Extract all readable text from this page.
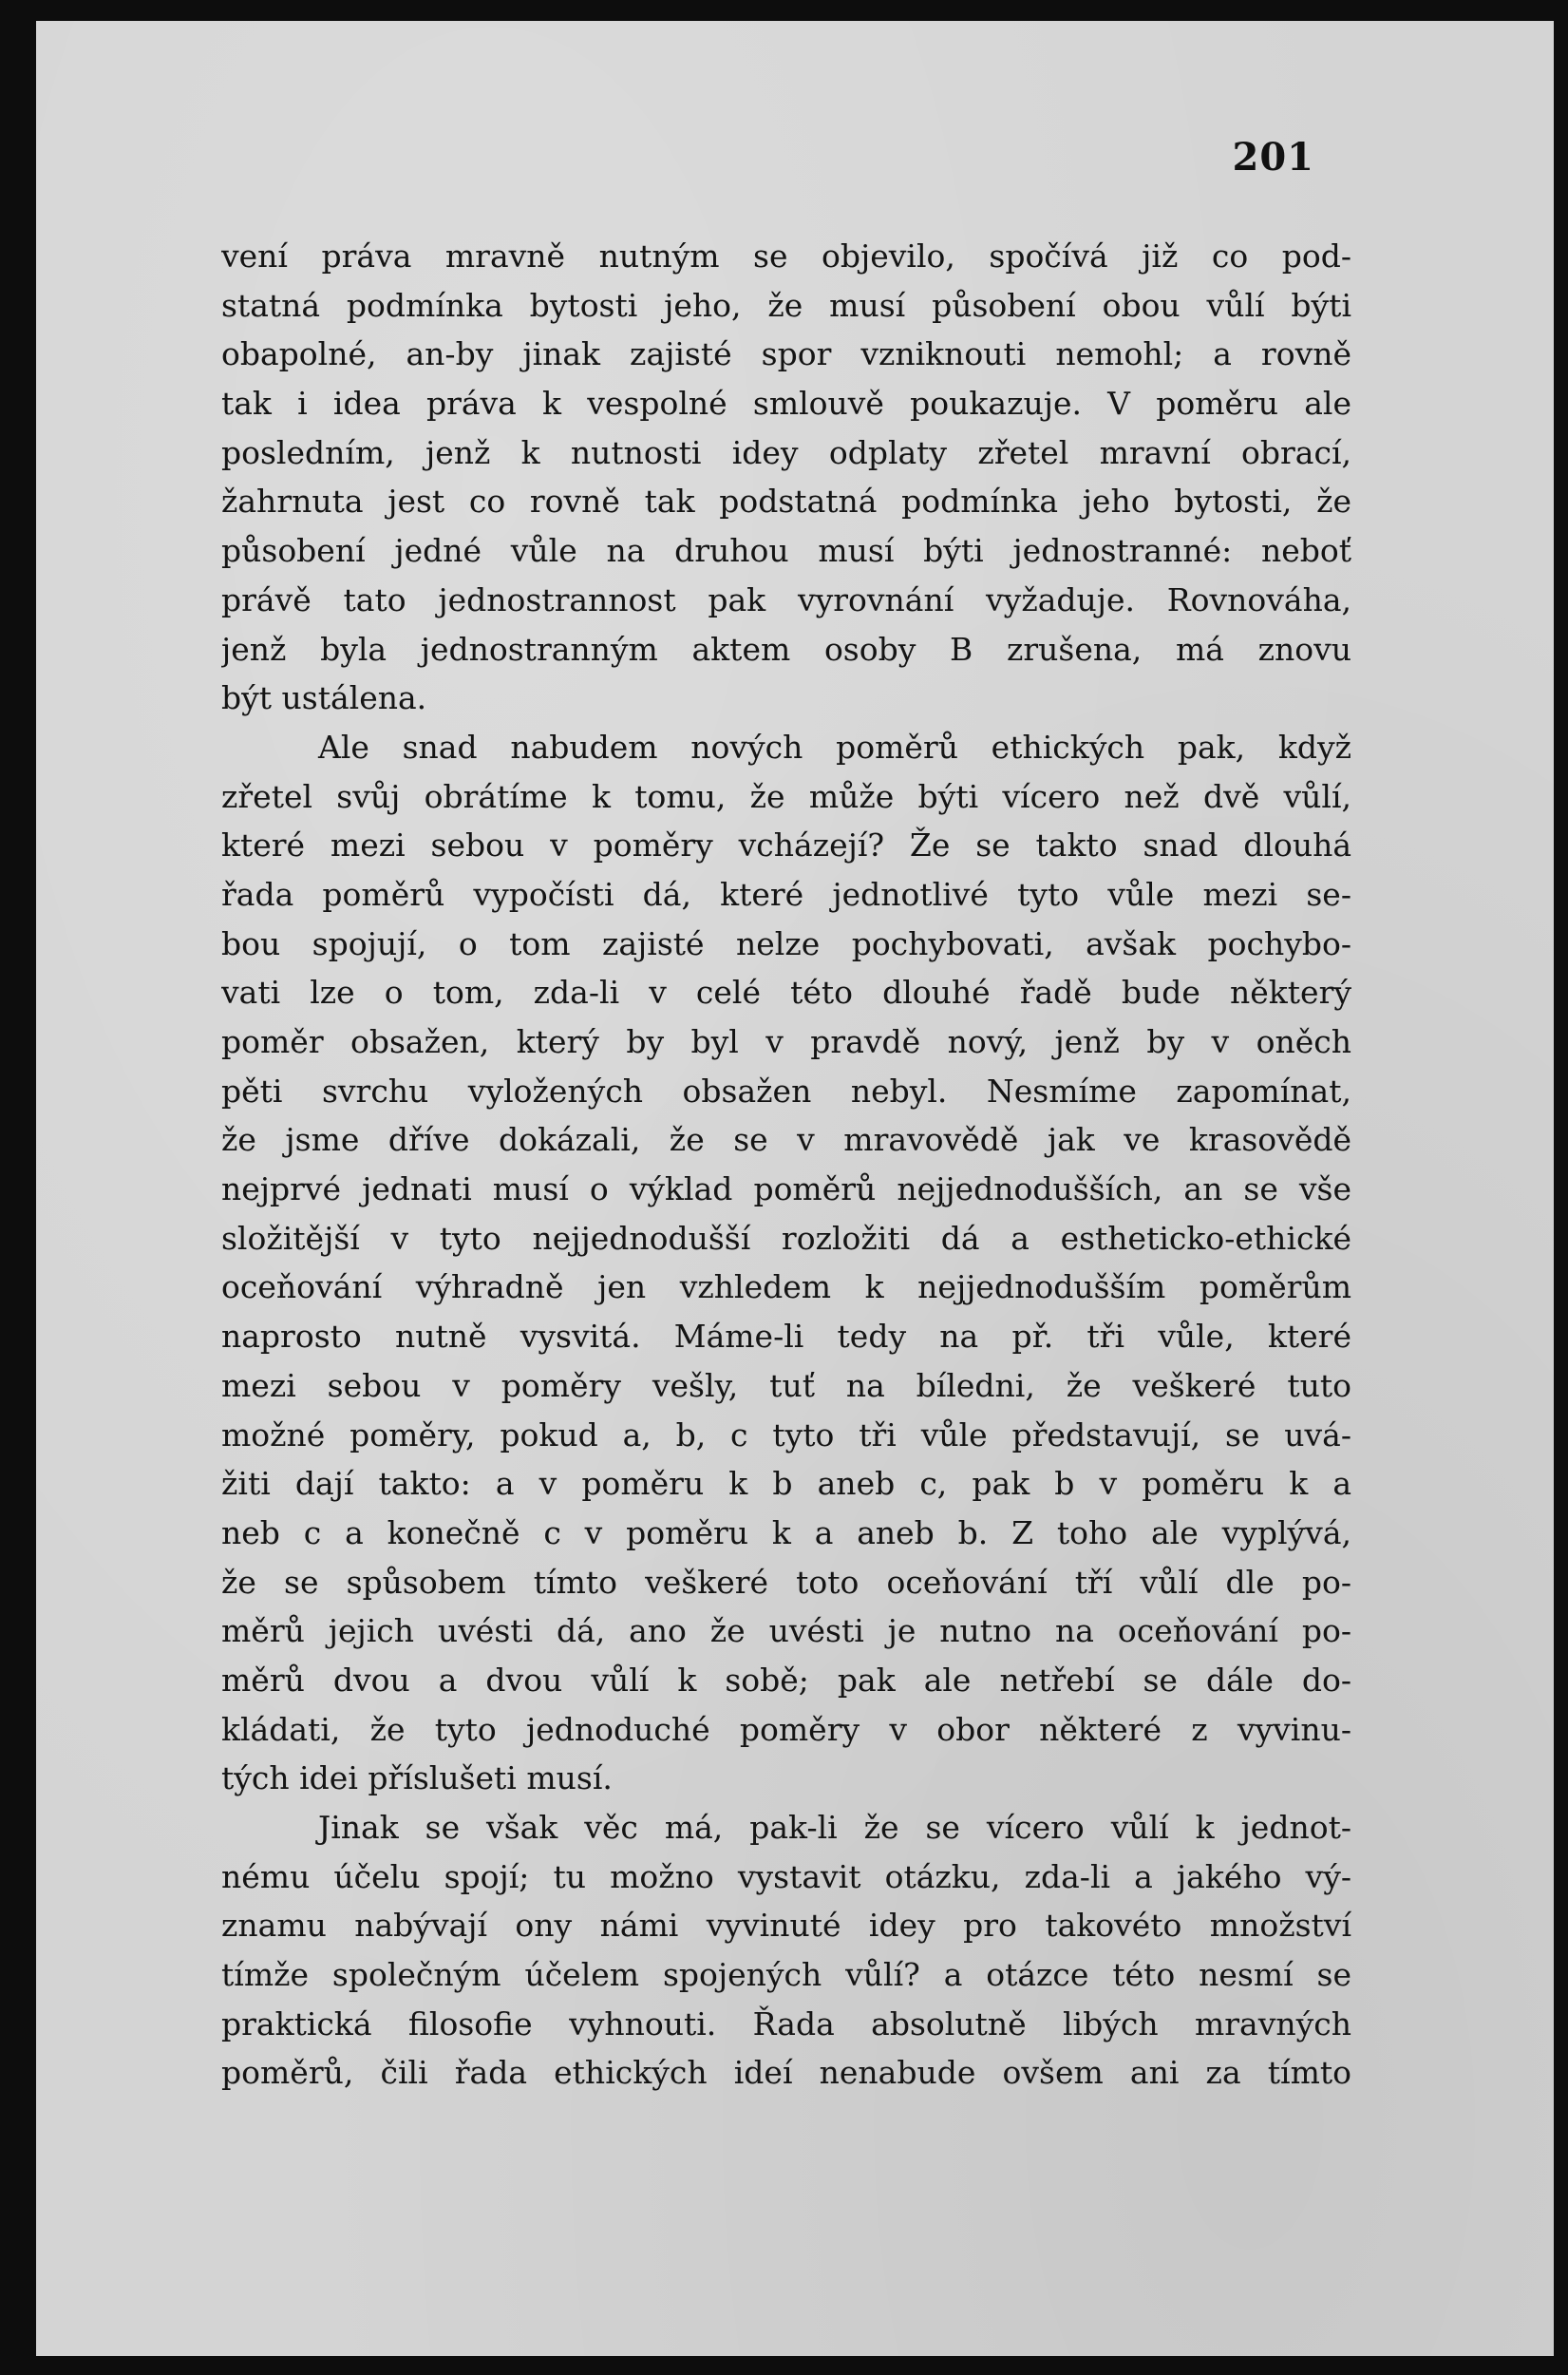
201
vení práva mravně nutným se objevilo, spočívá již co pod-
statná podmínka bytosti jeho, že musí působení obou vůlí býti
obapolné, an-by jinak zajisté spor vzniknouti nemohl; a rovně
tak i idea práva k vespolné smlouvě poukazuje. V poměru ale
posledním, jenž k nutnosti idey odplaty zřetel mravní obrací,
žahrnuta jest co rovně tak podstatná podmínka jeho bytosti, že
působení jedné vůle na druhou musí býti jednostranné: neboť
právě tato jednostrannost pak vyrovnání vyžaduje. Rovnováha,
jenž byla jednostranným aktem osoby B zrušena, má znovu
být ustálena.
Ale snad nabudem nových poměrů ethických pak, když
zřetel svůj obrátíme k tomu, že může býti vícero než dvě vůlí,
které mezi sebou v poměry vcházejí? Že se takto snad dlouhá
řada poměrů vypočísti dá, které jednotlivé tyto vůle mezi se-
bou spojují, o tom zajisté nelze pochybovati, avšak pochybo-
vati lze o tom, zda-li v celé této dlouhé řadě bude některý
poměr obsažen, který by byl v pravdě nový, jenž by v oněch
pěti svrchu vyložených obsažen nebyl. Nesmíme zapomínat,
že jsme dříve dokázali, že se v mravovědě jak ve krasovědě
nejprvé jednati musí o výklad poměrů nejjednodušších, an se vše
složitější v tyto nejjednodušší rozložiti dá a estheticko-ethické
oceňování výhradně jen vzhledem k nejjednodušším poměrům
naprosto nutně vysvitá. Máme-li tedy na př. tři vůle, které
mezi sebou v poměry vešly, tuť na bíledni, že veškeré tuto
možné poměry, pokud a, b, c tyto tři vůle představují, se uvá-
žiti dají takto: a v poměru k b aneb c, pak b v poměru k a
neb c a konečně c v poměru k a aneb b. Z toho ale vyplývá,
že se spůsobem tímto veškeré toto oceňování tří vůlí dle po-
měrů jejich uvésti dá, ano že uvésti je nutno na oceňování po-
měrů dvou a dvou vůlí k sobě; pak ale netřebí se dále do-
kládati, že tyto jednoduché poměry v obor některé z vyvinu-
tých idei příslušeti musí.
Jinak se však věc má, pak-li že se vícero vůlí k jednot-
nému účelu spojí; tu možno vystavit otázku, zda-li a jakého vý-
znamu nabývají ony námi vyvinuté idey pro takovéto množství
tímže společným účelem spojených vůlí? a otázce této nesmí se
praktická filosofie vyhnouti. Řada absolutně libých mravných
poměrů, čili řada ethických ideí nenabude ovšem ani za tímto
